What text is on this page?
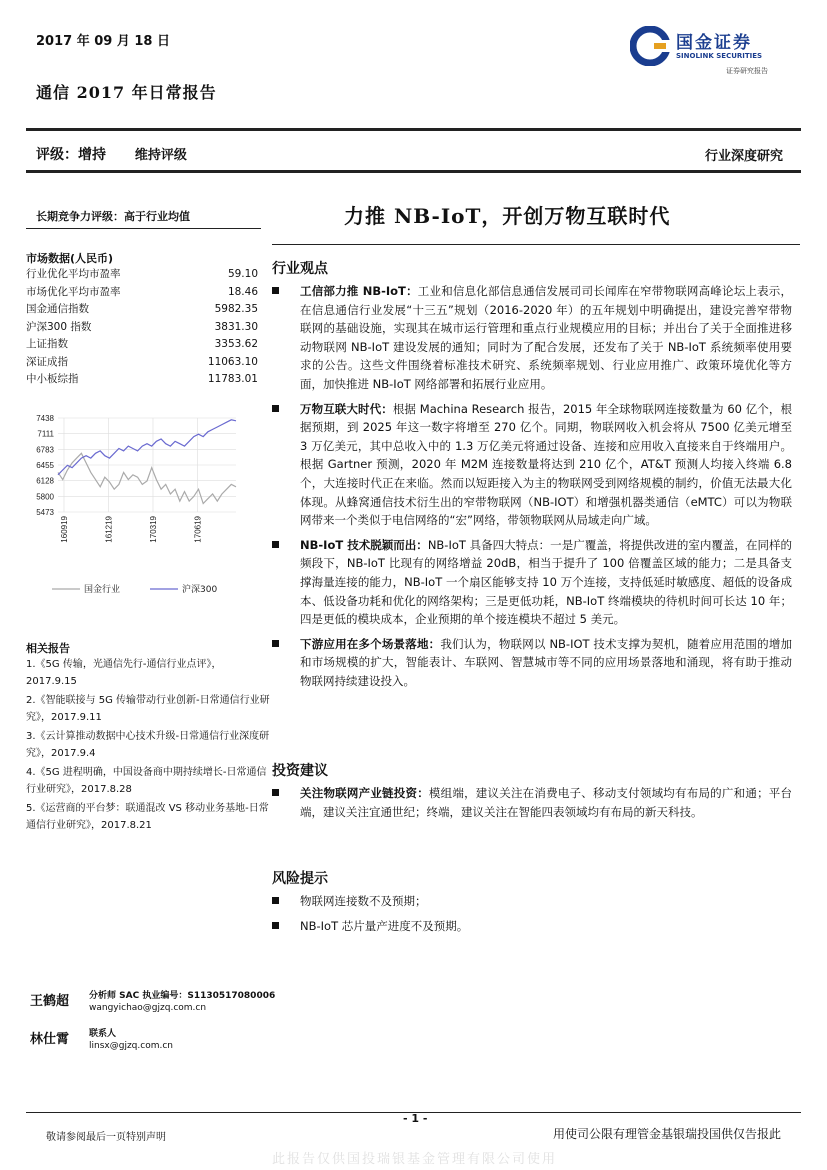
2017 年 09 月 18 日
通信 2017 年日常报告
国金证券
SINOLINK SECURITIES
证券研究报告
评级：增持 维持评级	行业深度研究
长期竞争力评级：高于行业均值
市场数据(人民币)
行业优化平均市盈率	59.10
市场优化平均市盈率	18.46
国金通信指数	5982.35
沪深300 指数	3831.30
上证指数	3353.62
深证成指	11063.10
中小板综指	11783.01
7438
7111
6783
6455
6128
5800
5473
160919	161219	170319	170619
国金行业	沪深300
相关报告
1.《5G 传输，光通信先行-通信行业点评》，2017.9.15
2.《智能联接与 5G 传输带动行业创新-日常通信行业研究》，2017.9.11
3.《云计算推动数据中心技术升级-日常通信行业深度研究》，2017.9.4
4.《5G 进程明确，中国设备商中期持续增长-日常通信行业研究》，2017.8.28
5.《运营商的平台梦：联通混改 VS 移动业务基地-日常通信行业研究》，2017.8.21
力推 NB-IoT，开创万物互联时代
行业观点
工信部力推 NB-IoT：工业和信息化部信息通信发展司司长闻库在窄带物联网高峰论坛上表示，在信息通信行业发展“十三五”规划（2016-2020 年）的五年规划中明确提出，建设完善窄带物联网的基础设施，实现其在城市运行管理和重点行业规模应用的目标；并出台了关于全面推进移动物联网 NB-IoT 建设发展的通知；同时为了配合发展，还发布了关于 NB-IoT 系统频率使用要求的公告。这些文件围绕着标准技术研究、系统频率规划、行业应用推广、政策环境优化等方面，加快推进 NB-IoT 网络部署和拓展行业应用。
万物互联大时代：根据 Machina Research 报告，2015 年全球物联网连接数量为 60 亿个，根据预期，到 2025 年这一数字将增至 270 亿个。同期，物联网收入机会将从 7500 亿美元增至 3 万亿美元，其中总收入中的 1.3 万亿美元将通过设备、连接和应用收入直接来自于终端用户。根据 Gartner 预测，2020 年 M2M 连接数量将达到 210 亿个，AT&T 预测人均接入终端 6.8 个，大连接时代正在来临。然而以短距接入为主的物联网受到网络规模的制约，价值无法最大化体现。从蜂窝通信技术衍生出的窄带物联网（NB-IOT）和增强机器类通信（eMTC）可以为物联网带来一个类似于电信网络的“宏”网络，带领物联网从局域走向广域。
NB-IoT 技术脱颖而出：NB-IoT 具备四大特点：一是广覆盖，将提供改进的室内覆盖，在同样的频段下，NB-IoT 比现有的网络增益 20dB，相当于提升了 100 倍覆盖区域的能力；二是具备支撑海量连接的能力，NB-IoT 一个扇区能够支持 10 万个连接，支持低延时敏感度、超低的设备成本、低设备功耗和优化的网络架构；三是更低功耗，NB-IoT 终端模块的待机时间可长达 10 年；四是更低的模块成本，企业预期的单个接连模块不超过 5 美元。
下游应用在多个场景落地：我们认为，物联网以 NB-IOT 技术支撑为契机，随着应用范围的增加和市场规模的扩大，智能表计、车联网、智慧城市等不同的应用场景落地和涌现，将有助于推动物联网持续建设投入。
投资建议
关注物联网产业链投资：模组端，建议关注在消费电子、移动支付领域均有布局的广和通；平台端，建议关注宜通世纪；终端，建议关注在智能四表领域均有布局的新天科技。
风险提示
物联网连接数不及预期；
NB-IoT 芯片量产进度不及预期。
王鹤超 分析师 SAC 执业编号：S1130517080006
wangyichao@gjzq.com.cn
林仕霄 联系人
linsx@gjzq.com.cn
- 1 -
敬请参阅最后一页特别声明	用使司公限有理管金基银瑞投国供仅告报此
此报告仅供国投瑞银基金管理有限公司使用
